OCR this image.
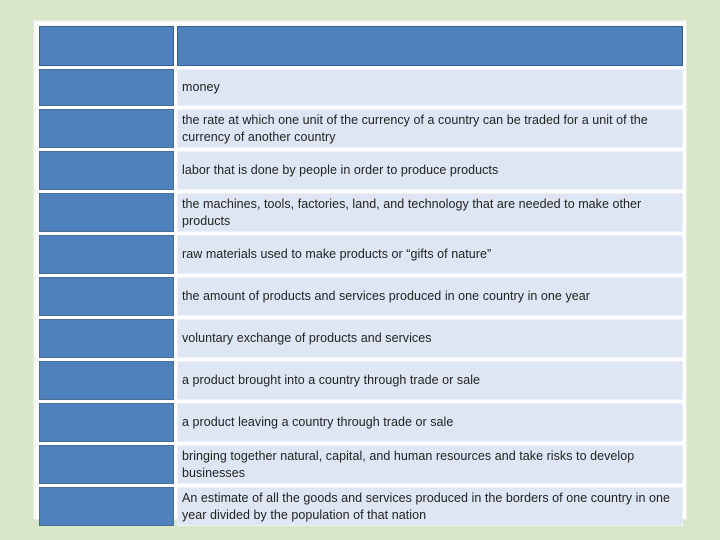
	money
	the rate at which one unit of the currency of a country can be traded for a unit of the currency of another country
	labor that is done by people in order to produce products
	the machines, tools, factories, land, and technology that are needed to make other products
	raw materials used to make products or “gifts of nature”
	the amount of products and services produced in one country in one year
	voluntary exchange of products and services
	a product brought into a country through trade or sale
	a product leaving a country through trade or sale
	bringing together natural, capital, and human resources and take risks to develop businesses
	An estimate of all the goods and services produced in the borders of one country in one year divided by the population of that nation
